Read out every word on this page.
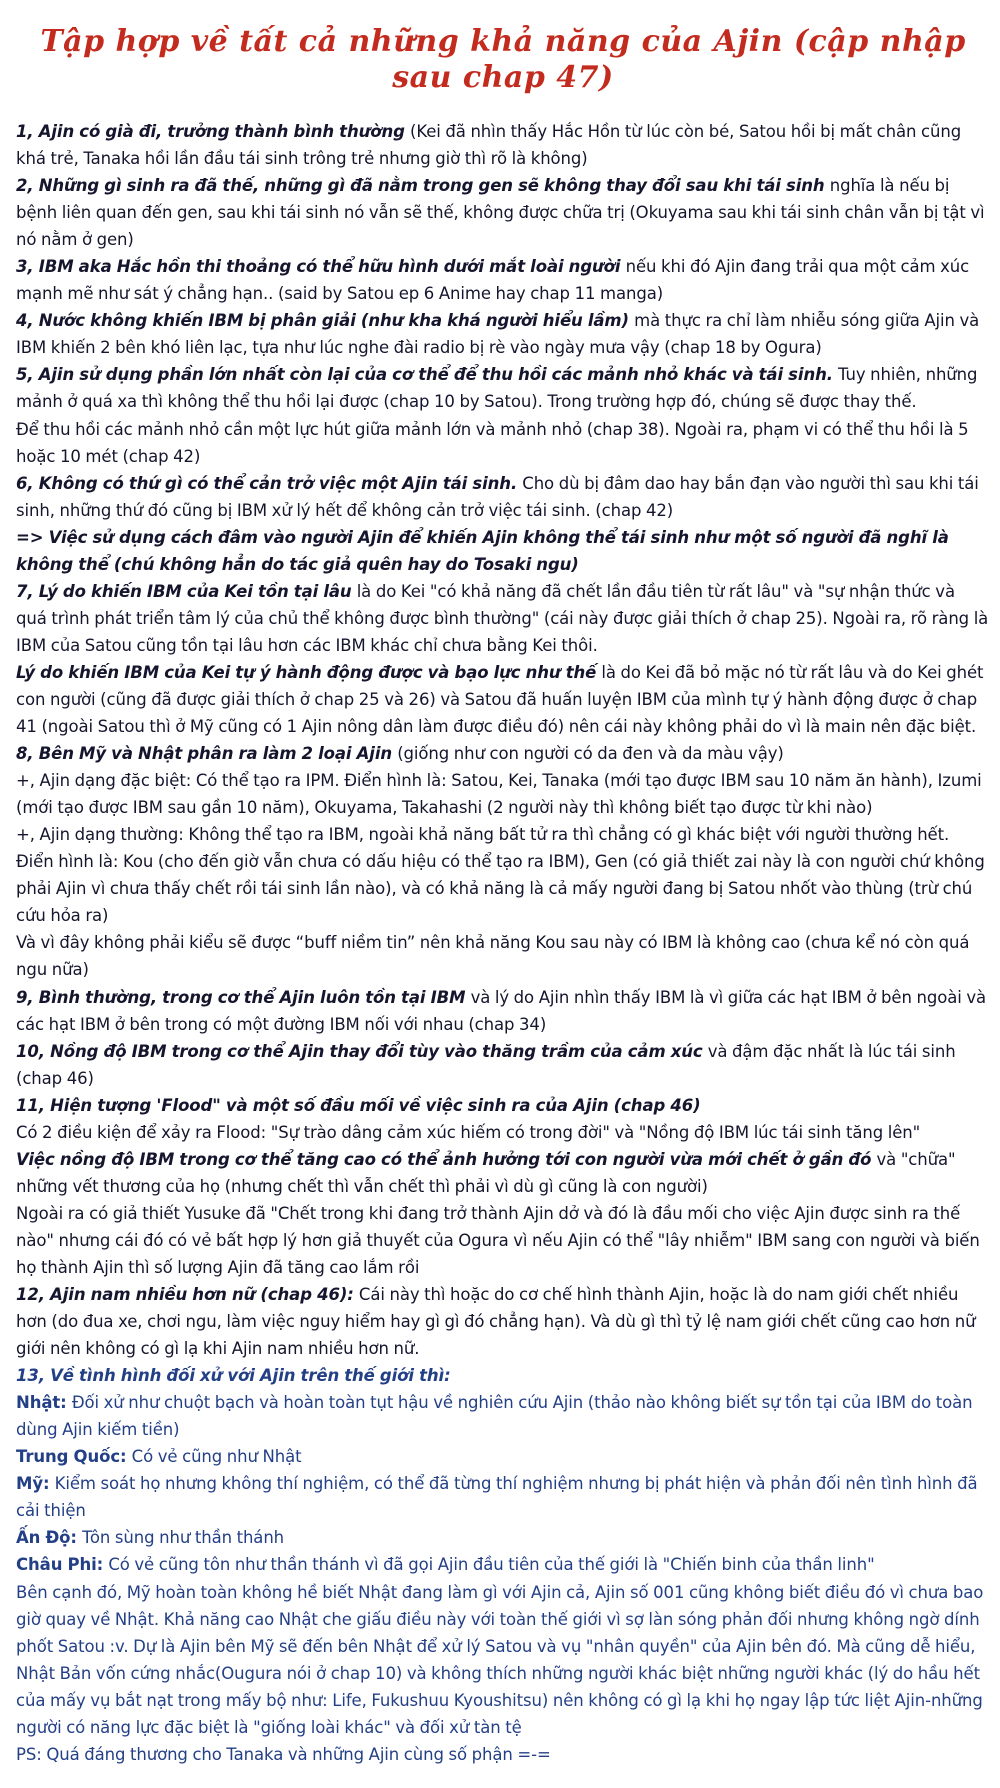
Tập hợp về tất cả những khả năng của Ajin (cập nhập sau chap 47)

1, Ajin có già đi, trưởng thành bình thường (Kei đã nhìn thấy Hắc Hồn từ lúc còn bé, Satou hồi bị mất chân cũng khá trẻ, Tanaka hồi lần đầu tái sinh trông trẻ nhưng giờ thì rõ là không)

2, Những gì sinh ra đã thế, những gì đã nằm trong gen sẽ không thay đổi sau khi tái sinh nghĩa là nếu bị bệnh liên quan đến gen, sau khi tái sinh nó vẫn sẽ thế, không được chữa trị (Okuyama sau khi tái sinh chân vẫn bị tật vì nó nằm ở gen)

3, IBM aka Hắc hồn thi thoảng có thể hữu hình dưới mắt loài người nếu khi đó Ajin đang trải qua một cảm xúc mạnh mẽ như sát ý chẳng hạn.. (said by Satou ep 6 Anime hay chap 11 manga)

4, Nước không khiến IBM bị phân giải (như kha khá người hiểu lầm) mà thực ra chỉ làm nhiễu sóng giữa Ajin và IBM khiến 2 bên khó liên lạc, tựa như lúc nghe đài radio bị rè vào ngày mưa vậy (chap 18 by Ogura)

5, Ajin sử dụng phần lớn nhất còn lại của cơ thể để thu hồi các mảnh nhỏ khác và tái sinh. Tuy nhiên, những mảnh ở quá xa thì không thể thu hồi lại được (chap 10 by Satou). Trong trường hợp đó, chúng sẽ được thay thế.

Để thu hồi các mảnh nhỏ cần một lực hút giữa mảnh lớn và mảnh nhỏ (chap 38). Ngoài ra, phạm vi có thể thu hồi là 5 hoặc 10 mét (chap 42)

6, Không có thứ gì có thể cản trở việc một Ajin tái sinh. Cho dù bị đâm dao hay bắn đạn vào người thì sau khi tái sinh, những thứ đó cũng bị IBM xử lý hết để không cản trở việc tái sinh. (chap 42)

=> Việc sử dụng cách đâm vào người Ajin để khiến Ajin không thể tái sinh như một số người đã nghĩ là không thể (chú không hẳn do tác giả quên hay do Tosaki ngu)

7, Lý do khiến IBM của Kei tồn tại lâu là do Kei "có khả năng đã chết lần đầu tiên từ rất lâu" và "sự nhận thức và quá trình phát triển tâm lý của chủ thể không được bình thường" (cái này được giải thích ở chap 25). Ngoài ra, rõ ràng là IBM của Satou cũng tồn tại lâu hơn các IBM khác chỉ chưa bằng Kei thôi.

Lý do khiến IBM của Kei tự ý hành động được và bạo lực như thế là do Kei đã bỏ mặc nó từ rất lâu và do Kei ghét con người (cũng đã được giải thích ở chap 25 và 26) và Satou đã huấn luyện IBM của mình tự ý hành động được ở chap 41 (ngoài Satou thì ở Mỹ cũng có 1 Ajin nông dân làm được điều đó) nên cái này không phải do vì là main nên đặc biệt.

8, Bên Mỹ và Nhật phân ra làm 2 loại Ajin (giống như con người có da đen và da màu vậy)

+, Ajin dạng đặc biệt: Có thể tạo ra IPM. Điển hình là: Satou, Kei, Tanaka (mới tạo được IBM sau 10 năm ăn hành), Izumi (mới tạo được IBM sau gần 10 năm), Okuyama, Takahashi (2 người này thì không biết tạo được từ khi nào)

+, Ajin dạng thường: Không thể tạo ra IBM, ngoài khả năng bất tử ra thì chẳng có gì khác biệt với người thường hết. Điển hình là: Kou (cho đến giờ vẫn chưa có dấu hiệu có thể tạo ra IBM), Gen (có giả thiết zai này là con người chứ không phải Ajin vì chưa thấy chết rồi tái sinh lần nào), và có khả năng là cả mấy người đang bị Satou nhốt vào thùng (trừ chú cứu hỏa ra)

Và vì đây không phải kiểu sẽ được “buff niềm tin” nên khả năng Kou sau này có IBM là không cao (chưa kể nó còn quá ngu nữa)

9, Bình thường, trong cơ thể Ajin luôn tồn tại IBM và lý do Ajin nhìn thấy IBM là vì giữa các hạt IBM ở bên ngoài và các hạt IBM ở bên trong có một đường IBM nối với nhau (chap 34)

10, Nồng độ IBM trong cơ thể Ajin thay đổi tùy vào thăng trầm của cảm xúc và đậm đặc nhất là lúc tái sinh (chap 46)

11, Hiện tượng 'Flood" và một số đầu mối về việc sinh ra của Ajin (chap 46)

Có 2 điều kiện để xảy ra Flood: "Sự trào dâng cảm xúc hiếm có trong đời" và "Nồng độ IBM lúc tái sinh tăng lên"

Việc nồng độ IBM trong cơ thể tăng cao có thể ảnh hưởng tới con người vừa mới chết ở gần đó và "chữa" những vết thương của họ (nhưng chết thì vẫn chết thì phải vì dù gì cũng là con người)

Ngoài ra có giả thiết Yusuke đã "Chết trong khi đang trở thành Ajin dở và đó là đầu mối cho việc Ajin được sinh ra thế nào" nhưng cái đó có vẻ bất hợp lý hơn giả thuyết của Ogura vì nếu Ajin có thể "lây nhiễm" IBM sang con người và biến họ thành Ajin thì số lượng Ajin đã tăng cao lắm rồi

12, Ajin nam nhiều hơn nữ (chap 46): Cái này thì hoặc do cơ chế hình thành Ajin, hoặc là do nam giới chết nhiều hơn (do đua xe, chơi ngu, làm việc nguy hiểm hay gì gì đó chẳng hạn). Và dù gì thì tỷ lệ nam giới chết cũng cao hơn nữ giới nên không có gì lạ khi Ajin nam nhiều hơn nữ.

13, Về tình hình đối xử với Ajin trên thế giới thì:

Nhật: Đối xử như chuột bạch và hoàn toàn tụt hậu về nghiên cứu Ajin (thảo nào không biết sự tồn tại của IBM do toàn dùng Ajin kiếm tiền)

Trung Quốc: Có vẻ cũng như Nhật

Mỹ: Kiểm soát họ nhưng không thí nghiệm, có thể đã từng thí nghiệm nhưng bị phát hiện và phản đối nên tình hình đã cải thiện

Ấn Độ: Tôn sùng như thần thánh

Châu Phi: Có vẻ cũng tôn như thần thánh vì đã gọi Ajin đầu tiên của thế giới là "Chiến binh của thần linh"

Bên cạnh đó, Mỹ hoàn toàn không hề biết Nhật đang làm gì với Ajin cả, Ajin số 001 cũng không biết điều đó vì chưa bao giờ quay về Nhật. Khả năng cao Nhật che giấu điều này với toàn thế giới vì sợ làn sóng phản đối nhưng không ngờ dính phốt Satou :v. Dự là Ajin bên Mỹ sẽ đến bên Nhật để xử lý Satou và vụ "nhân quyền" của Ajin bên đó. Mà cũng dễ hiểu, Nhật Bản vốn cứng nhắc(Ougura nói ở chap 10) và không thích những người khác biệt những người khác (lý do hầu hết của mấy vụ bắt nạt trong mấy bộ như: Life, Fukushuu Kyoushitsu) nên không có gì lạ khi họ ngay lập tức liệt Ajin-những người có năng lực đặc biệt là "giống loài khác" và đối xử tàn tệ

PS: Quá đáng thương cho Tanaka và những Ajin cùng số phận =-=
